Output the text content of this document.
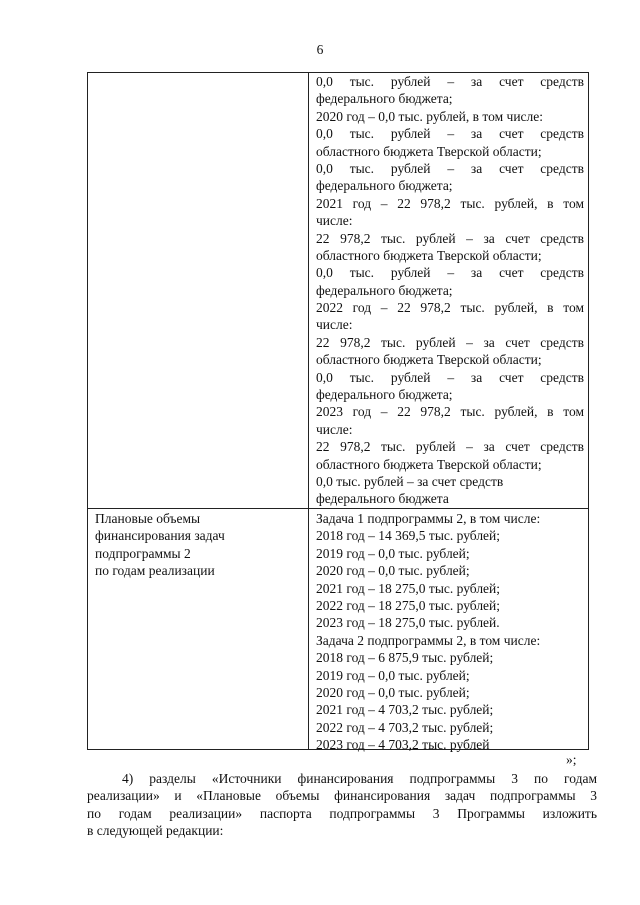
6
0,0 тыс. рублей – за счет средств
федерального бюджета;
2020 год – 0,0 тыс. рублей, в том числе:
0,0 тыс. рублей – за счет средств
областного бюджета Тверской области;
0,0 тыс. рублей – за счет средств
федерального бюджета;
2021 год – 22 978,2 тыс. рублей, в том
числе:
22 978,2 тыс. рублей – за счет средств
областного бюджета Тверской области;
0,0 тыс. рублей – за счет средств
федерального бюджета;
2022 год – 22 978,2 тыс. рублей, в том
числе:
22 978,2 тыс. рублей – за счет средств
областного бюджета Тверской области;
0,0 тыс. рублей – за счет средств
федерального бюджета;
2023 год – 22 978,2 тыс. рублей, в том
числе:
22 978,2 тыс. рублей – за счет средств
областного бюджета Тверской области;
0,0 тыс. рублей – за счет средств
федерального бюджета
Плановые объемы
финансирования задач
подпрограммы 2
по годам реализации
Задача 1 подпрограммы 2, в том числе:
2018 год – 14 369,5 тыс. рублей;
2019 год – 0,0 тыс. рублей;
2020 год – 0,0 тыс. рублей;
2021 год – 18 275,0 тыс. рублей;
2022 год – 18 275,0 тыс. рублей;
2023 год – 18 275,0 тыс. рублей.
Задача 2 подпрограммы 2, в том числе:
2018 год – 6 875,9 тыс. рублей;
2019 год – 0,0 тыс. рублей;
2020 год – 0,0 тыс. рублей;
2021 год – 4 703,2 тыс. рублей;
2022 год – 4 703,2 тыс. рублей;
2023 год – 4 703,2 тыс. рублей
»;
4) разделы «Источники финансирования подпрограммы 3 по годам
реализации» и «Плановые объемы финансирования задач подпрограммы 3
по годам реализации» паспорта подпрограммы 3 Программы изложить
в следующей редакции:
